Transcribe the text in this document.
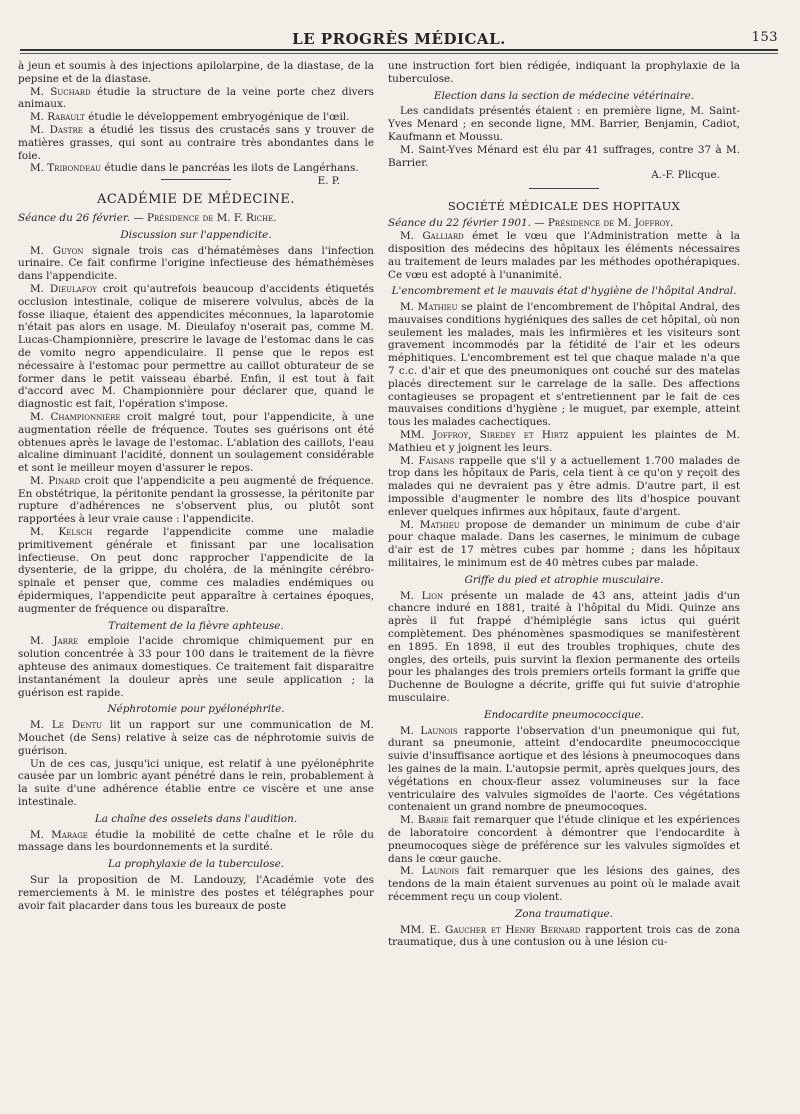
LE PROGRÈS MÉDICAL.	153

à jeun et soumis à des injections apilolarpine, de la diastase, de la pepsine et de la diastase.

M. Suchard étudie la structure de la veine porte chez divers animaux.

M. Rabault étudie le développement embryogénique de l'œil.

M. Dastre a étudié les tissus des crustacés sans y trouver de matières grasses, qui sont au contraire très abondantes dans le foie.

M. Tribondeau étudie dans le pancréas les ilots de Langérhans.

E. P.
ACADÉMIE DE MÉDECINE.

Séance du 26 février. — Présidence de M. F. Riche.

Discussion sur l'appendicite.

M. Guyon signale trois cas d'hématémèses dans l'infection urinaire. Ce fait confirme l'origine infectieuse des hémathémèses dans l'appendicite.

M. Dieulafoy croit qu'autrefois beaucoup d'accidents étiquetés occlusion intestinale, colique de miserere volvulus, abcès de la fosse iliaque, étaient des appendicites méconnues, la laparotomie n'était pas alors en usage. M. Dieulafoy n'oserait pas, comme M. Lucas-Championnière, prescrire le lavage de l'estomac dans le cas de vomito negro appendiculaire. Il pense que le repos est nécessaire à l'estomac pour permettre au caillot obturateur de se former dans le petit vaisseau ébarbé. Enfin, il est tout à fait d'accord avec M. Championnière pour déclarer que, quand le diagnostic est fait, l'opération s'impose.

M. Championnière croit malgré tout, pour l'appendicite, à une augmentation réelle de fréquence. Toutes ses guérisons ont été obtenues après le lavage de l'estomac. L'ablation des caillots, l'eau alcaline diminuant l'acidité, donnent un soulagement considérable et sont le meilleur moyen d'assurer le repos.

M. Pinard croit que l'appendicite a peu augmenté de fréquence. En obstétrique, la péritonite pendant la grossesse, la péritonite par rupture d'adhérences ne s'observent plus, ou plutôt sont rapportées à leur vraie cause : l'appendicite.

M. Kelsch regarde l'appendicite comme une maladie primitivement générale et finissant par une localisation infectieuse. On peut donc rapprocher l'appendicite de la dysenterie, de la grippe, du choléra, de la méningite cérébro-spinale et penser que, comme ces maladies endémiques ou épidermiques, l'appendicite peut apparaître à certaines époques, augmenter de fréquence ou disparaître.

Traitement de la fièvre aphteuse.

M. Jarre emploie l'acide chromique chimiquement pur en solution concentrée à 33 pour 100 dans le traitement de la fièvre aphteuse des animaux domestiques. Ce traitement fait disparaitre instantanément la douleur après une seule application ; la guérison est rapide.

Néphrotomie pour pyélonéphrite.

M. Le Dentu lit un rapport sur une communication de M. Mouchet (de Sens) relative à seize cas de néphrotomie suivis de guérison.

Un de ces cas, jusqu'ici unique, est relatif à une pyélonéphrite causée par un lombric ayant pénétré dans le rein, probablement à la suite d'une adhérence établie entre ce viscère et une anse intestinale.

La chaîne des osselets dans l'audition.

M. Marage étudie la mobilité de cette chaîne et le rôle du massage dans les bourdonnements et la surdité.

La prophylaxie de la tuberculose.

Sur la proposition de M. Landouzy, l'Académie vote des remerciements à M. le ministre des postes et télégraphes pour avoir fait placarder dans tous les bureaux de poste

une instruction fort bien rédigée, indiquant la prophylaxie de la tuberculose.

Election dans la section de médecine vétérinaire.

Les candidats présentés étaient : en première ligne, M. Saint-Yves Menard ; en seconde ligne, MM. Barrier, Benjamin, Cadiot, Kaufmann et Moussu.

M. Saint-Yves Ménard est élu par 41 suffrages, contre 37 à M. Barrier.

A.-F. Plicque.
SOCIÉTÉ MÉDICALE DES HOPITAUX

Séance du 22 février 1901. — Présidence de M. Joffroy.

M. Galliard émet le vœu que l'Administration mette à la disposition des médecins des hôpitaux les éléments nécessaires au traitement de leurs malades par les méthodes opothérapiques. Ce vœu est adopté à l'unanimité.

L'encombrement et le mauvais état d'hygiène de l'hôpital Andral.

M. Mathieu se plaint de l'encombrement de l'hôpital Andral, des mauvaises conditions hygiéniques des salles de cet hôpital, où non seulement les malades, mais les infirmières et les visiteurs sont gravement incommodés par la fétidité de l'air et les odeurs méphitiques. L'encombrement est tel que chaque malade n'a que 7 c.c. d'air et que des pneumoniques ont couché sur des matelas placés directement sur le carrelage de la salle. Des affections contagieuses se propagent et s'entretiennent par le fait de ces mauvaises conditions d'hygiène ; le muguet, par exemple, atteint tous les malades cachectiques.

MM. Joffroy, Siredey et Hirtz appuient les plaintes de M. Mathieu et y joignent les leurs.

M. Faisans rappelle que s'il y a actuellement 1.700 malades de trop dans les hôpitaux de Paris, cela tient à ce qu'on y reçoit des malades qui ne devraient pas y être admis. D'autre part, il est impossible d'augmenter le nombre des lits d'hospice pouvant enlever quelques infirmes aux hôpitaux, faute d'argent.

M. Mathieu propose de demander un minimum de cube d'air pour chaque malade. Dans les casernes, le minimum de cubage d'air est de 17 mètres cubes par homme ; dans les hôpitaux militaires, le minimum est de 40 mètres cubes par malade.

Griffe du pied et atrophie musculaire.

M. Lion présente un malade de 43 ans, atteint jadis d'un chancre induré en 1881, traité à l'hôpital du Midi. Quinze ans après il fut frappé d'hémiplégie sans ictus qui guérit complètement. Des phénomènes spasmodiques se manifestèrent en 1895. En 1898, il eut des troubles trophiques, chute des ongles, des orteils, puis survint la flexion permanente des orteils pour les phalanges des trois premiers orteils formant la griffe que Duchenne de Boulogne a décrite, griffe qui fut suivie d'atrophie musculaire.

Endocardite pneumococcique.

M. Launois rapporte l'observation d'un pneumonique qui fut, durant sa pneumonie, atteint d'endocardite pneumococcique suivie d'insuffisance aortique et des lésions à pneumocoques dans les gaines de la main. L'autopsie permit, après quelques jours, des végétations en choux-fleur assez volumineuses sur la face ventriculaire des valvules sigmoïdes de l'aorte. Ces végétations contenaient un grand nombre de pneumocoques.

M. Barbie fait remarquer que l'étude clinique et les expériences de laboratoire concordent à démontrer que l'endocardite à pneumocoques siège de préférence sur les valvules sigmoïdes et dans le cœur gauche.

M. Launois fait remarquer que les lésions des gaines, des tendons de la main étaient survenues au point où le malade avait récemment reçu un coup violent.

Zona traumatique.

MM. E. Gaucher et Henry Bernard rapportent trois cas de zona traumatique, dus à une contusion ou à une lésion cu-
